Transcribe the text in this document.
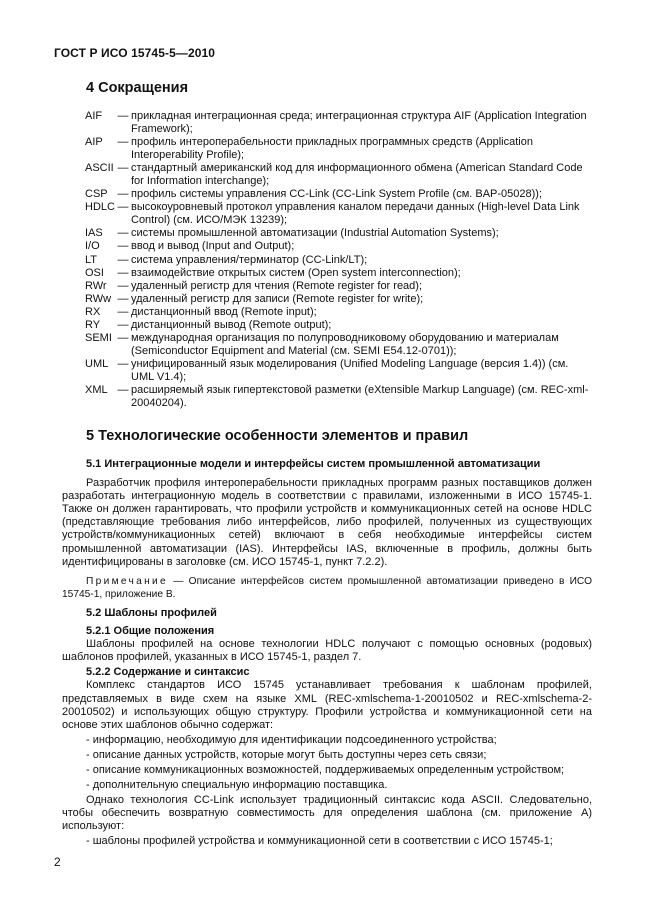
ГОСТ Р ИСО 15745-5—2010
4 Сокращения
AIF	— прикладная интеграционная среда; интеграционная структура AIF (Application Integration Framework);
AIP	— профиль интероперабельности прикладных программных средств (Application Interoperability Profile);
ASCII — стандартный американский код для информационного обмена (American Standard Code for Information interchange);
CSP — профиль системы управления CC-Link (CC-Link System Profile (см. BAP-05028));
HDLC — высокоуровневый протокол управления каналом передачи данных (High-level Data Link Control) (см. ИСО/МЭК 13239);
IAS	— системы промышленной автоматизации (Industrial Automation Systems);
I/O	— ввод и вывод (Input and Output);
LT	— система управления/терминатор (CC-Link/LT);
OSI	— взаимодействие открытых систем (Open system interconnection);
RWr — удаленный регистр для чтения (Remote register for read);
RWw — удаленный регистр для записи (Remote register for write);
RX	— дистанционный ввод (Remote input);
RY	— дистанционный вывод (Remote output);
SEMI — международная организация по полупроводниковому оборудованию и материалам (Semiconductor Equipment and Material (см. SEMI E54.12-0701));
UML — унифицированный язык моделирования (Unified Modeling Language (версия 1.4)) (см. UML V1.4);
XML — расширяемый язык гипертекстовой разметки (eXtensible Markup Language) (см. REC-xml-20040204).
5 Технологические особенности элементов и правил
5.1 Интеграционные модели и интерфейсы систем промышленной автоматизации

Разработчик профиля интероперабельности прикладных программ разных поставщиков должен разработать интеграционную модель в соответствии с правилами, изложенными в ИСО 15745-1. Также он должен гарантировать, что профили устройств и коммуникационных сетей на основе HDLC (представляющие требования либо интерфейсов, либо профилей, полученных из существующих устройств/коммуникационных сетей) включают в себя необходимые интерфейсы систем промышленной автоматизации (IAS). Интерфейсы IAS, включенные в профиль, должны быть идентифицированы в заголовке (см. ИСО 15745-1, пункт 7.2.2).

Примечание — Описание интерфейсов систем промышленной автоматизации приведено в ИСО 15745-1, приложение В.

5.2 Шаблоны профилей
5.2.1 Общие положения

Шаблоны профилей на основе технологии HDLC получают с помощью основных (родовых) шаблонов профилей, указанных в ИСО 15745-1, раздел 7.

5.2.2 Содержание и синтаксис

Комплекс стандартов ИСО 15745 устанавливает требования к шаблонам профилей, представляемых в виде схем на языке XML (REC-xmlschema-1-20010502 и REC-xmlschema-2-20010502) и использующих общую структуру. Профили устройства и коммуникационной сети на основе этих шаблонов обычно содержат:

- информацию, необходимую для идентификации подсоединенного устройства;
- описание данных устройств, которые могут быть доступны через сеть связи;
- описание коммуникационных возможностей, поддерживаемых определенным устройством;
- дополнительную специальную информацию поставщика.

Однако технология CC-Link использует традиционный синтаксис кода ASCII. Следовательно, чтобы обеспечить возвратную совместимость для определения шаблона (см. приложение А) используют:

- шаблоны профилей устройства и коммуникационной сети в соответствии с ИСО 15745-1;
2
